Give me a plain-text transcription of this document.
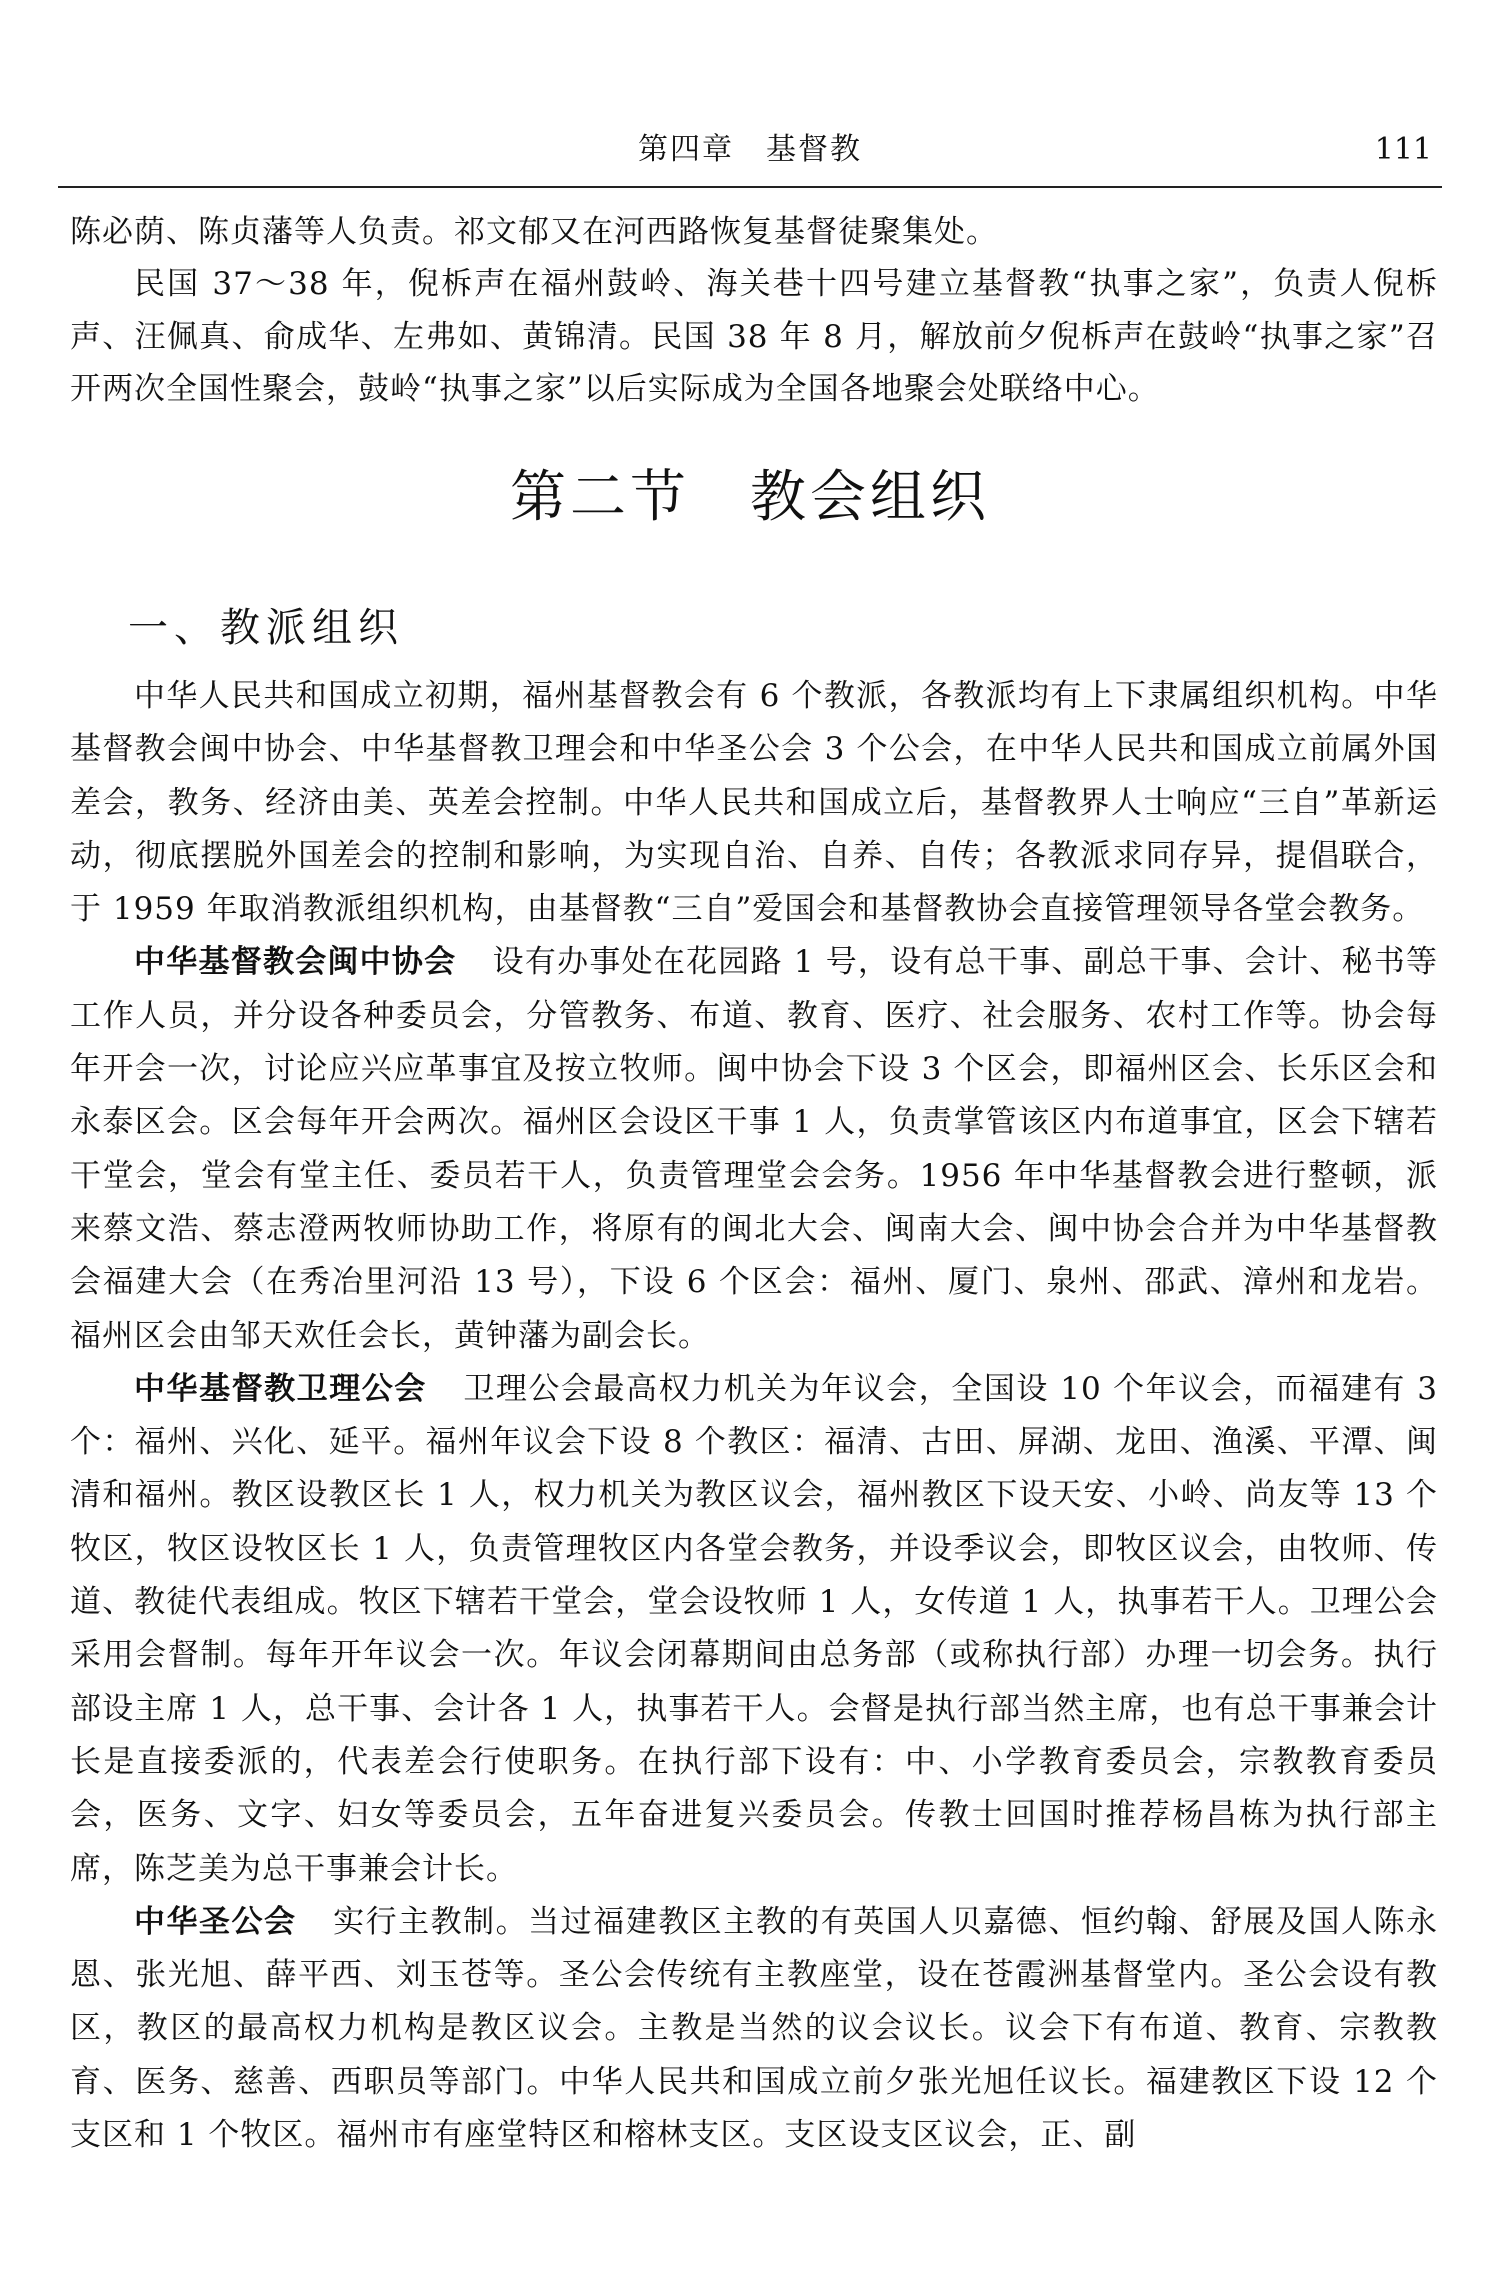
第四章　基督教	111

陈必荫、陈贞藩等人负责。祁文郁又在河西路恢复基督徒聚集处。

民国 37～38 年，倪柝声在福州鼓岭、海关巷十四号建立基督教“执事之家”，负责人倪柝声、汪佩真、俞成华、左弗如、黄锦清。民国 38 年 8 月，解放前夕倪柝声在鼓岭“执事之家”召开两次全国性聚会，鼓岭“执事之家”以后实际成为全国各地聚会处联络中心。

第二节 教会组织
一、教派组织

中华人民共和国成立初期，福州基督教会有 6 个教派，各教派均有上下隶属组织机构。中华基督教会闽中协会、中华基督教卫理会和中华圣公会 3 个公会，在中华人民共和国成立前属外国差会，教务、经济由美、英差会控制。中华人民共和国成立后，基督教界人士响应“三自”革新运动，彻底摆脱外国差会的控制和影响，为实现自治、自养、自传；各教派求同存异，提倡联合，于 1959 年取消教派组织机构，由基督教“三自”爱国会和基督教协会直接管理领导各堂会教务。

中华基督教会闽中协会 设有办事处在花园路 1 号，设有总干事、副总干事、会计、秘书等工作人员，并分设各种委员会，分管教务、布道、教育、医疗、社会服务、农村工作等。协会每年开会一次，讨论应兴应革事宜及按立牧师。闽中协会下设 3 个区会，即福州区会、长乐区会和永泰区会。区会每年开会两次。福州区会设区干事 1 人，负责掌管该区内布道事宜，区会下辖若干堂会，堂会有堂主任、委员若干人，负责管理堂会会务。1956 年中华基督教会进行整顿，派来蔡文浩、蔡志澄两牧师协助工作，将原有的闽北大会、闽南大会、闽中协会合并为中华基督教会福建大会（在秀冶里河沿 13 号），下设 6 个区会：福州、厦门、泉州、邵武、漳州和龙岩。福州区会由邹天欢任会长，黄钟藩为副会长。

中华基督教卫理公会 卫理公会最高权力机关为年议会，全国设 10 个年议会，而福建有 3 个：福州、兴化、延平。福州年议会下设 8 个教区：福清、古田、屏湖、龙田、渔溪、平潭、闽清和福州。教区设教区长 1 人，权力机关为教区议会，福州教区下设天安、小岭、尚友等 13 个牧区，牧区设牧区长 1 人，负责管理牧区内各堂会教务，并设季议会，即牧区议会，由牧师、传道、教徒代表组成。牧区下辖若干堂会，堂会设牧师 1 人，女传道 1 人，执事若干人。卫理公会采用会督制。每年开年议会一次。年议会闭幕期间由总务部（或称执行部）办理一切会务。执行部设主席 1 人，总干事、会计各 1 人，执事若干人。会督是执行部当然主席，也有总干事兼会计长是直接委派的，代表差会行使职务。在执行部下设有：中、小学教育委员会，宗教教育委员会，医务、文字、妇女等委员会，五年奋进复兴委员会。传教士回国时推荐杨昌栋为执行部主席，陈芝美为总干事兼会计长。

中华圣公会 实行主教制。当过福建教区主教的有英国人贝嘉德、恒约翰、舒展及国人陈永恩、张光旭、薛平西、刘玉苍等。圣公会传统有主教座堂，设在苍霞洲基督堂内。圣公会设有教区，教区的最高权力机构是教区议会。主教是当然的议会议长。议会下有布道、教育、宗教教育、医务、慈善、西职员等部门。中华人民共和国成立前夕张光旭任议长。福建教区下设 12 个支区和 1 个牧区。福州市有座堂特区和榕林支区。支区设支区议会，正、副
